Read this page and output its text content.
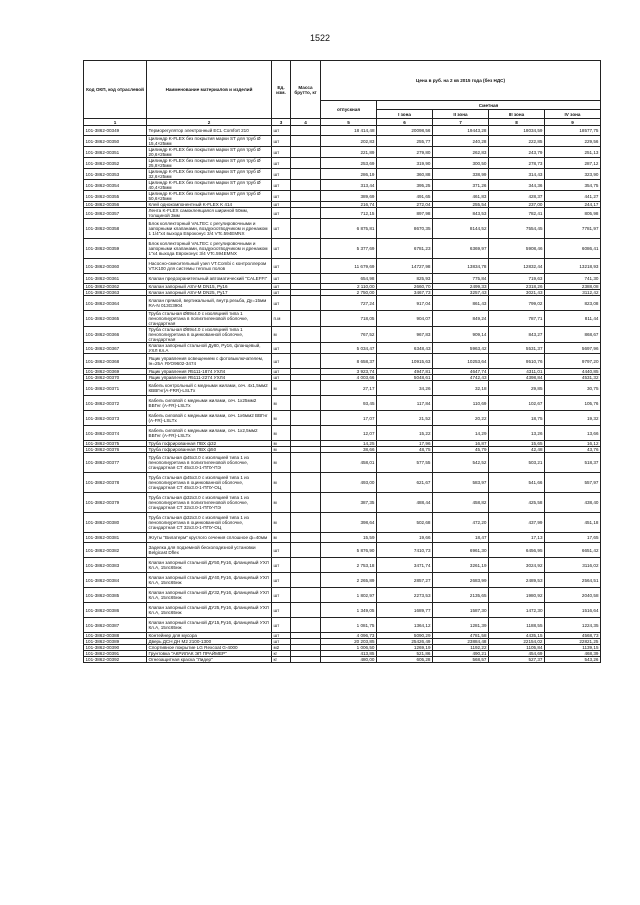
1522
Код ОКП, код отраслевой	Наименование материалов и изделий	Ед. изм.	Масса брутто, кг	Цена в руб. на 2 кв 2015 года (без НДС)				
				отпускная	Сметная			
					I зона	II зона	III зона	IV зона
1	2	3	4	5	6	7	8	9
101-3862-00349	Терморегулятор электронный ECL Comfort 210	шт		18 414,48	20098,56	19443,28	18034,59	18577,75
101-3862-00350	Цилиндр K-FLEX без покрытия марки ST для труб Ø 15,4×25мм	шт		202,83	255,77	240,28	222,85	229,56
101-3862-00351	Цилиндр K-FLEX без покрытия марки ST для труб Ø 20,6×25мм	шт		221,89	279,80	262,83	243,79	251,13
101-3862-00352	Цилиндр K-FLEX без покрытия марки ST для труб Ø 25,8×25мм	шт		253,69	319,90	300,50	278,73	287,12
101-3862-00353	Цилиндр K-FLEX без покрытия марки ST для труб Ø 32,6×25мм	шт		286,19	360,88	338,99	314,43	323,90
101-3862-00354	Цилиндр K-FLEX без покрытия марки ST для труб Ø 40,4×25мм	шт		313,44	395,25	371,26	344,36	354,75
101-3862-00355	Цилиндр K-FLEX без покрытия марки ST для труб Ø 50,6×25мм	шт		389,69	491,65	461,83	428,37	441,27
101-3862-00356	Клей однокомпонентный K-FLEX K 414	шт		216,74	272,04	255,54	237,00	244,17
101-3862-00357	Лента K-FLEX самоклеящаяся шириной 50мм, толщиной 3мм	шт		712,15	897,98	843,53	782,41	805,98
101-3862-00358	Блок коллекторный VALTEC с регулировочными и запорными клапанами, воздухоотводчиком и дренажом 1 1/4"х4 выхода Евроконус 3/4 VTc.594EMNX	шт		6 875,81	8670,35	8144,52	7554,45	7781,97
101-3862-00359	Блок коллекторный VALTEC с регулировочными и запорными клапанами, воздухоотводчиком и дренажом 1"х4 выхода Евроконус 3/4 VTc.594EMNX	шт		5 377,69	6781,23	6369,97	5908,46	6086,41
101-3862-00360	Насосно-смесительный узел VT.Combi с контроллером VT.K100 для системы теплых полов	шт		11 679,69	14727,98	13834,78	12832,44	13218,93
101-3862-00361	Клапан предохранительный автоматический "CALEFFI"	шт		654,98	825,93	775,84	719,63	741,30
101-3862-00362	Клапан запорный ASV-M DN15, Ру16	шт		2 110,00	2660,70	2499,33	2318,26	2388,08
101-3862-00363	Клапан запорный ASV-M DN25, Ру17	шт		2 750,00	3467,73	3257,43	3021,43	3112,42
101-3862-00364	Клапан прямой, вертикальный, внутр.резьба, Ду=15мм RA-N 013G3904	шт		727,24	917,04	861,43	799,02	823,08
101-3862-00365	Труба стальная Ø89х4.0 с изоляцией типа 1 пенополиуретана в полиэтиленовой оболочке, стандартная	п.м		718,05	904,07	849,24	787,71	811,44
101-3862-00366	Труба стальная Ø89х4.0 с изоляцией типа 1 пенополиуретана в оцинкованной оболочке, стандартная	м		767,52	967,83	909,14	843,27	868,67
101-3862-00367	Клапан запорный стальной Ду80, Ру16, фланцевый, УХЛ Кл.А	шт		5 034,47	6348,43	5963,42	5531,37	5697,96
101-3862-00368	Ящик управления освещением с фотовыключателем, Iн=25А ЯУО9602-3474	шт		8 658,37	10915,63	10253,64	9510,76	9797,20
101-3862-00369	Ящик управления Я5111-1874 УХЛ4	шт		3 923,74	4947,81	4647,74	4311,01	4440,85
101-3862-00370	Ящик управления Я5111-2274 УХЛ4	шт		4 003,66	5048,61	4742,43	4398,84	4531,32
101-3862-00371	Кабель контрольный с медными жилами, сеч. 4х1,5мм2 КВВГнг(А-FRR)-LSLTх	м		27,17	34,26	32,18	29,85	30,75
101-3862-00372	Кабель силовой с медными жилами, сеч. 1х25мм2 ВВГнг (А-FR)-LSLTх	м		93,45	117,84	110,69	102,67	105,76
101-3862-00373	Кабель силовой с медными жилами, сеч. 1х6мм2 ВВГнг (А-FR)-LSLTх	м		17,07	21,52	20,22	18,75	19,32
101-3862-00374	Кабель силовой с медными жилами, сеч. 1х2,5мм2 ВВГнг (А-FR)-LSLTх	м		12,07	15,22	14,29	13,26	13,66
101-3862-00375	Труба гофрированная ПВХ ф32	м		14,25	17,96	16,87	15,65	16,12
101-3862-00376	Труба гофрированная ПВХ ф50	м		38,66	48,75	45,79	42,48	43,76
101-3862-00377	Труба стальная ф45х3.0 с изоляцией типа 1 из пенополиуретана в полиэтиленовой оболочке, стандартная СТ 45х3.0-1-ППУ-ПЭ	м		458,01	577,55	542,52	503,21	518,37
101-3862-00378	Труба стальная ф45х3.0 с изоляцией типа 1 из пенополиуретана в оцинкованной оболочке, стандартная СТ 45х3.0-1-ППУ-ОЦ	м		493,00	621,67	583,97	541,66	557,97
101-3862-00379	Труба стальная ф32х3.0 с изоляцией типа 1 из пенополиуретана в полиэтиленовой оболочке, стандартная СТ 32х3.0-1-ППУ-ПЭ	м		387,35	488,44	458,82	425,58	438,40
101-3862-00380	Труба стальная ф32х3.0 с изоляцией типа 1 из пенополиуретана в оцинкованной оболочке, стандартная СТ 32х3.0-1-ППУ-ОЦ	м		398,64	502,68	472,20	437,99	451,18
101-3862-00381	Жгуты "Вилатерм" круглого сечения сплошное ф=40мм	м		15,59	19,66	18,47	17,13	17,65
101-3862-00382	Заделка для подземной бесколодезной установки Belgicast Dflex	шт		5 876,90	7410,73	6961,30	6456,95	6651,42
101-3862-00383	Клапан запорный стальной ДУ50,Ру16, фланцевый УХЛ Кл.А, 15лс65нж	шт		2 753,18	3471,74	3261,19	3024,92	3116,02
101-3862-00384	Клапан запорный стальной ДУ40,Ру16, фланцевый УХЛ Кл.А, 15лс65нж	шт		2 265,89	2857,27	2683,99	2489,53	2564,51
101-3862-00385	Клапан запорный стальной ДУ32,Ру16, фланцевый УХЛ Кл.А, 15лс65нж	шт		1 802,97	2273,53	2135,65	1980,92	2040,58
101-3862-00386	Клапан запорный стальной ДУ25,Ру16, фланцевый УХЛ Кл.А, 15лс65нж	шт		1 349,05	1689,77	1587,30	1472,30	1516,64
101-3862-00387	Клапан запорный стальной ДУ15,Ру16, фланцевый УХЛ Кл.А, 15лс65нж	шт		1 081,75	1364,12	1281,39	1188,55	1224,35
101-3862-00388	Контейнер для мусора	шт		4 096,73	5090,29	4781,58	4435,15	4568,73
101-3862-00389	Дверь ДСН ДН М2 2100-1300	шт		20 203,85	25426,49	23884,48	22154,02	22821,25
101-3862-00390	Спортивное покрытие LG Rexcoat G-4000	м2		1 006,50	1269,19	1192,22	1105,84	1139,15
101-3862-00391	Грунтовка "АКРИЛАК ЭП ПРАЙМЕР"	кг		413,85	521,86	490,21	454,69	468,39
101-3862-00392	Огнезащитная краска "Лидер"	кг		480,00	605,28	568,57	527,37	543,26
